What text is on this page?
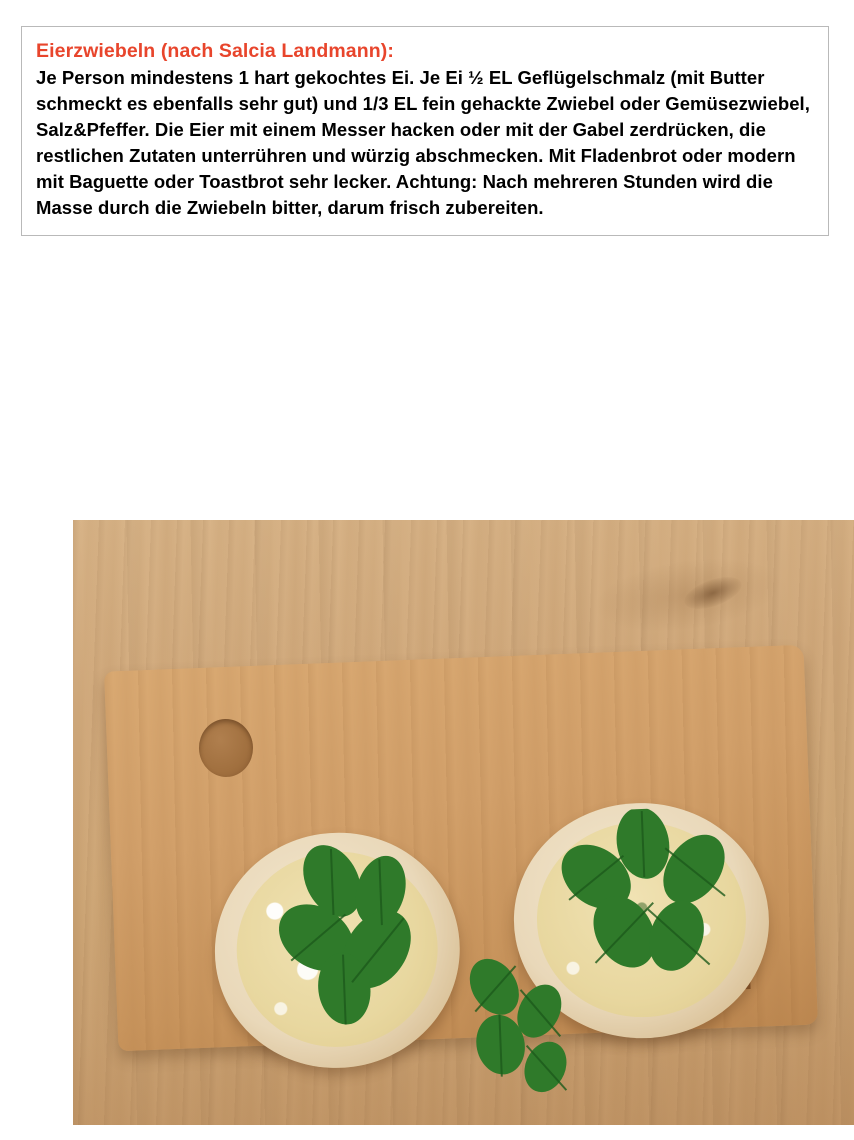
Eierzwiebeln (nach Salcia Landmann):
Je Person mindestens 1 hart gekochtes Ei. Je Ei ½ EL Geflügelschmalz (mit Butter schmeckt es ebenfalls sehr gut) und 1/3 EL fein gehackte Zwiebel oder Gemüsezwiebel, Salz&Pfeffer. Die Eier mit einem Messer hacken oder mit der Gabel zerdrücken, die restlichen Zutaten unterrühren und würzig abschmecken. Mit Fladenbrot oder modern mit Baguette oder Toastbrot sehr lecker. Achtung: Nach mehreren Stunden wird die Masse durch die Zwiebeln bitter, darum frisch zubereiten.
